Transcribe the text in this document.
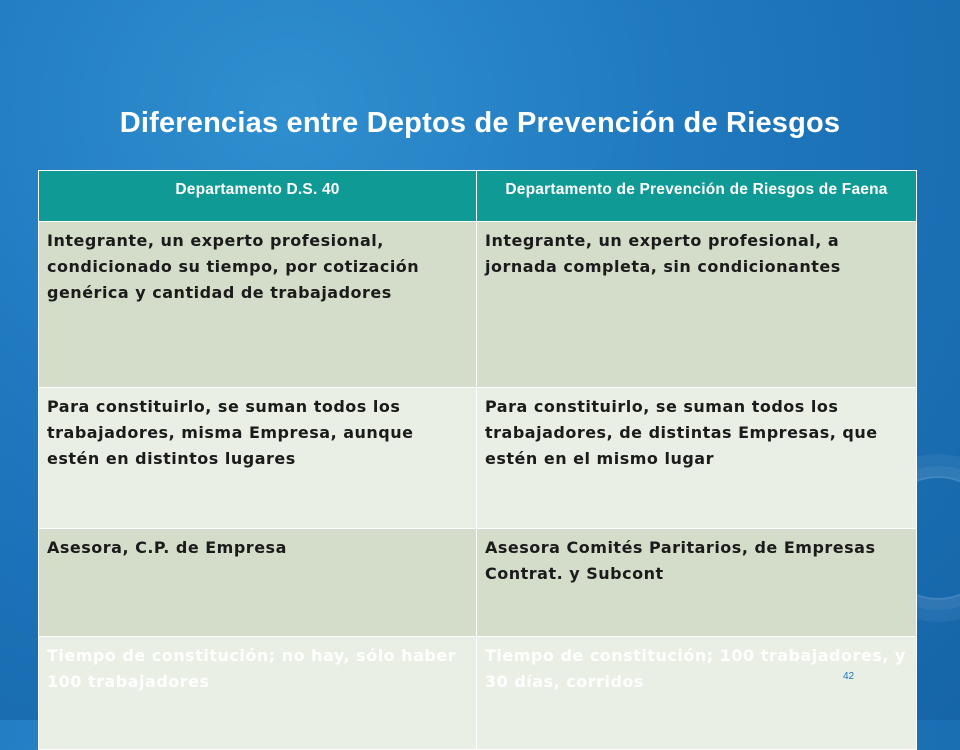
Diferencias entre Deptos de Prevención de Riesgos
Departamento D.S. 40	Departamento de Prevención de Riesgos de Faena
Integrante, un experto profesional, condicionado su tiempo, por cotización genérica y cantidad de trabajadores	Integrante, un experto profesional, a jornada completa, sin condicionantes
Para constituirlo, se suman todos los trabajadores, misma Empresa, aunque estén en distintos lugares	Para constituirlo, se suman todos los trabajadores, de distintas Empresas, que estén en el mismo lugar
Asesora, C.P. de Empresa	Asesora Comités Paritarios, de Empresas Contrat. y Subcont
Tiempo de constitución; no hay, sólo haber 100 trabajadores	Tiempo de constitución; 100 trabajadores, y 30 días, corridos	42
